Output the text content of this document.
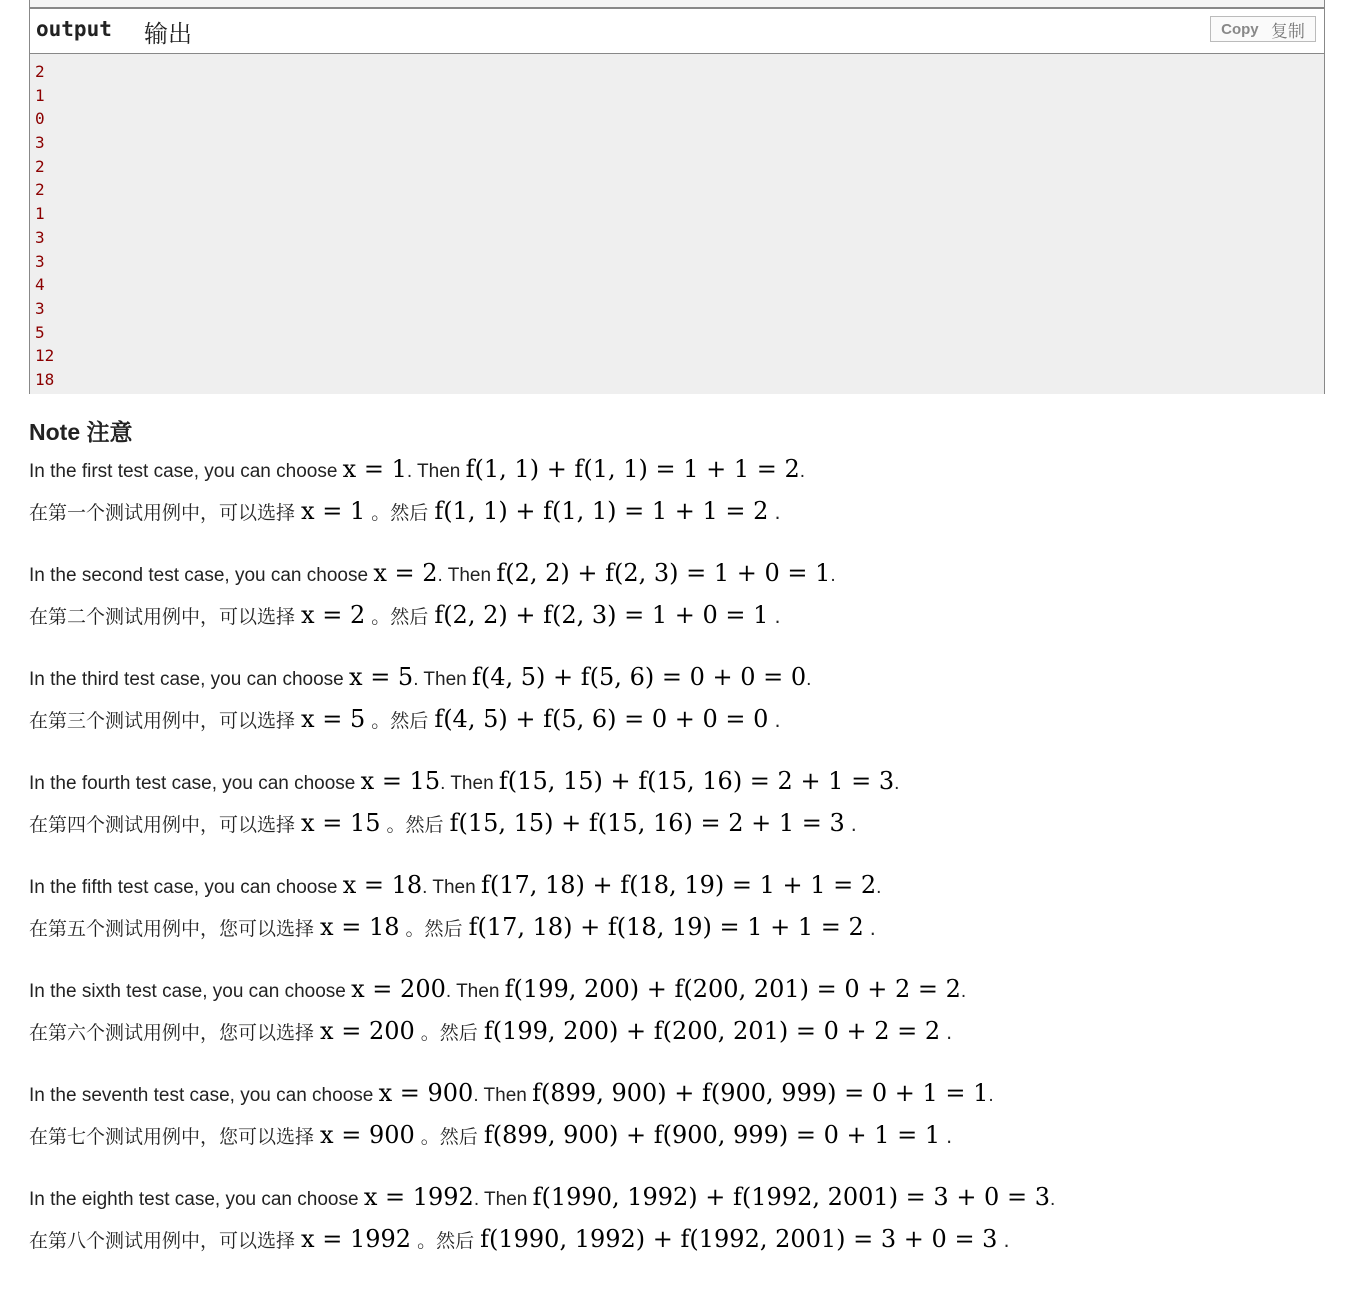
output 输出	Copy 复制
2
1
0
3
2
2
1
3
3
4
3
5
12
18
Note 注意
In the first test case, you can choose x = 1. Then f(1, 1) + f(1, 1) = 1 + 1 = 2.
在第一个测试用例中，可以选择 x = 1 。然后 f(1, 1) + f(1, 1) = 1 + 1 = 2 .
In the second test case, you can choose x = 2. Then f(2, 2) + f(2, 3) = 1 + 0 = 1.
在第二个测试用例中，可以选择 x = 2 。然后 f(2, 2) + f(2, 3) = 1 + 0 = 1 .
In the third test case, you can choose x = 5. Then f(4, 5) + f(5, 6) = 0 + 0 = 0.
在第三个测试用例中，可以选择 x = 5 。然后 f(4, 5) + f(5, 6) = 0 + 0 = 0 .
In the fourth test case, you can choose x = 15. Then f(15, 15) + f(15, 16) = 2 + 1 = 3.
在第四个测试用例中，可以选择 x = 15 。然后 f(15, 15) + f(15, 16) = 2 + 1 = 3 .
In the fifth test case, you can choose x = 18. Then f(17, 18) + f(18, 19) = 1 + 1 = 2.
在第五个测试用例中，您可以选择 x = 18 。然后 f(17, 18) + f(18, 19) = 1 + 1 = 2 .
In the sixth test case, you can choose x = 200. Then f(199, 200) + f(200, 201) = 0 + 2 = 2.
在第六个测试用例中，您可以选择 x = 200 。然后 f(199, 200) + f(200, 201) = 0 + 2 = 2 .
In the seventh test case, you can choose x = 900. Then f(899, 900) + f(900, 999) = 0 + 1 = 1.
在第七个测试用例中，您可以选择 x = 900 。然后 f(899, 900) + f(900, 999) = 0 + 1 = 1 .
In the eighth test case, you can choose x = 1992. Then f(1990, 1992) + f(1992, 2001) = 3 + 0 = 3.
在第八个测试用例中，可以选择 x = 1992 。然后 f(1990, 1992) + f(1992, 2001) = 3 + 0 = 3 .
